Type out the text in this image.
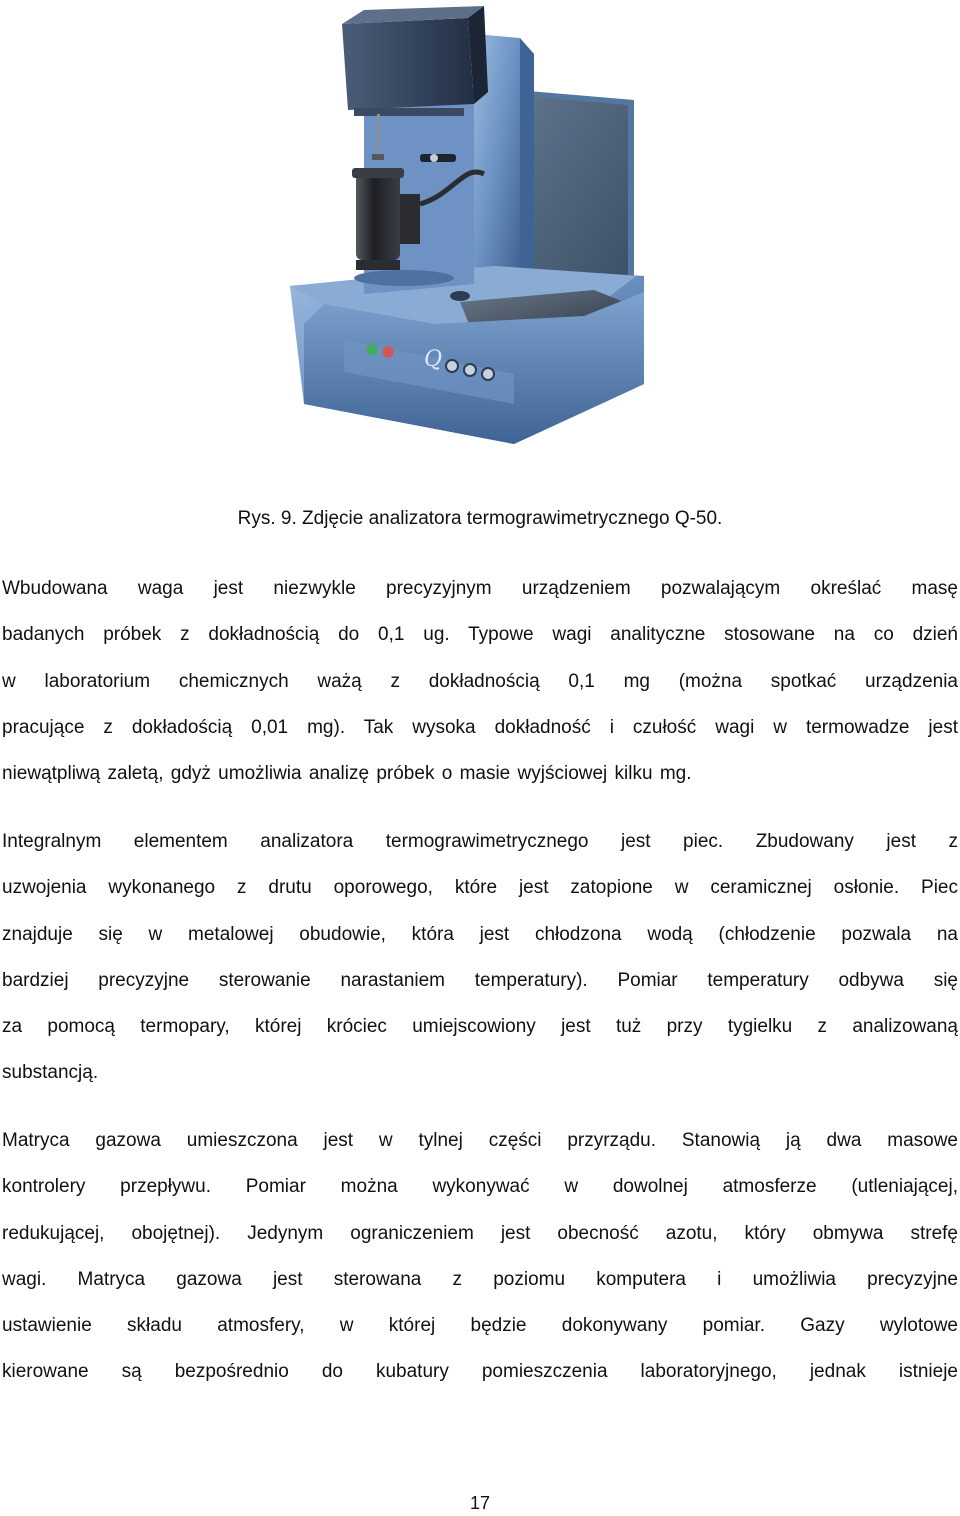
Q
Rys. 9. Zdjęcie analizatora termograwimetrycznego Q-50.
Wbudowana waga jest niezwykle precyzyjnym urządzeniem pozwalającym określać masę
badanych próbek z dokładnością do 0,1 ug. Typowe wagi analityczne stosowane na co dzień
w laboratorium chemicznych ważą z dokładnością 0,1 mg (można spotkać urządzenia
pracujące z dokładością 0,01 mg). Tak wysoka dokładność i czułość wagi w termowadze jest
niewątpliwą zaletą, gdyż umożliwia analizę próbek o masie wyjściowej kilku mg.
Integralnym elementem analizatora termograwimetrycznego jest piec. Zbudowany jest z
uzwojenia wykonanego z drutu oporowego, które jest zatopione w ceramicznej osłonie. Piec
znajduje się w metalowej obudowie, która jest chłodzona wodą (chłodzenie pozwala na
bardziej precyzyjne sterowanie narastaniem temperatury). Pomiar temperatury odbywa się
za pomocą termopary, której króciec umiejscowiony jest tuż przy tygielku z analizowaną
substancją.
Matryca gazowa umieszczona jest w tylnej części przyrządu. Stanowią ją dwa masowe
kontrolery przepływu. Pomiar można wykonywać w dowolnej atmosferze (utleniającej,
redukującej, obojętnej). Jedynym ograniczeniem jest obecność azotu, który obmywa strefę
wagi. Matryca gazowa jest sterowana z poziomu komputera i umożliwia precyzyjne
ustawienie składu atmosfery, w której będzie dokonywany pomiar. Gazy wylotowe
kierowane są bezpośrednio do kubatury pomieszczenia laboratoryjnego, jednak istnieje
17
